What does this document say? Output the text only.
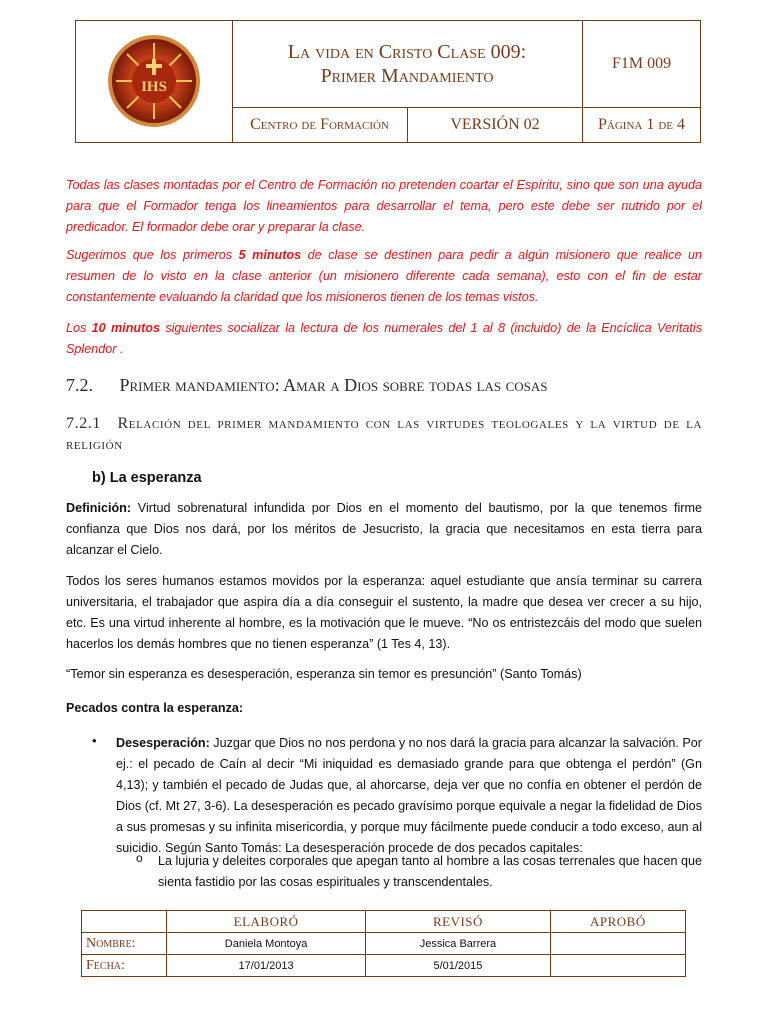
IHS
La vida en Cristo Clase 009:
Primer Mandamiento
F1M 009
Centro de Formación	VERSIÓN 02	Página 1 de 4
Todas las clases montadas por el Centro de Formación no pretenden coartar el Espíritu, sino que son una ayuda para que el Formador tenga los lineamientos para desarrollar el tema, pero este debe ser nutrido por el predicador. El formador debe orar y preparar la clase.
Sugerimos que los primeros 5 minutos de clase se destinen para pedir a algún misionero que realice un resumen de lo visto en la clase anterior (un misionero diferente cada semana), esto con el fin de estar constantemente evaluando la claridad que los misioneros tienen de los temas vistos.
Los 10 minutos siguientes socializar la lectura de los numerales del 1 al 8 (incluido) de la Encíclica Veritatis Splendor .
7.2. Primer mandamiento: Amar a Dios sobre todas las cosas
7.2.1 Relación del primer mandamiento con las virtudes teologales y la virtud de la religión
b) La esperanza
Definición: Virtud sobrenatural infundida por Dios en el momento del bautismo, por la que tenemos firme confianza que Dios nos dará, por los méritos de Jesucristo, la gracia que necesitamos en esta tierra para alcanzar el Cielo.
Todos los seres humanos estamos movidos por la esperanza: aquel estudiante que ansía terminar su carrera universitaria, el trabajador que aspira día a día conseguir el sustento, la madre que desea ver crecer a su hijo, etc. Es una virtud inherente al hombre, es la motivación que le mueve. “No os entristezcáis del modo que suelen hacerlos los demás hombres que no tienen esperanza” (1 Tes 4, 13).
“Temor sin esperanza es desesperación, esperanza sin temor es presunción” (Santo Tomás)
Pecados contra la esperanza:
• Desesperación: Juzgar que Dios no nos perdona y no nos dará la gracia para alcanzar la salvación. Por ej.: el pecado de Caín al decir “Mi iniquidad es demasiado grande para que obtenga el perdón” (Gn 4,13); y también el pecado de Judas que, al ahorcarse, deja ver que no confía en obtener el perdón de Dios (cf. Mt 27, 3-6). La desesperación es pecado gravísimo porque equivale a negar la fidelidad de Dios a sus promesas y su infinita misericordia, y porque muy fácilmente puede conducir a todo exceso, aun al suicidio. Según Santo Tomás: La desesperación procede de dos pecados capitales:
o La lujuria y deleites corporales que apegan tanto al hombre a las cosas terrenales que hacen que sienta fastidio por las cosas espirituales y transcendentales.
	ELABORÓ	REVISÓ	APROBÓ
Nombre:	Daniela Montoya	Jessica Barrera	
Fecha:	17/01/2013	5/01/2015	
